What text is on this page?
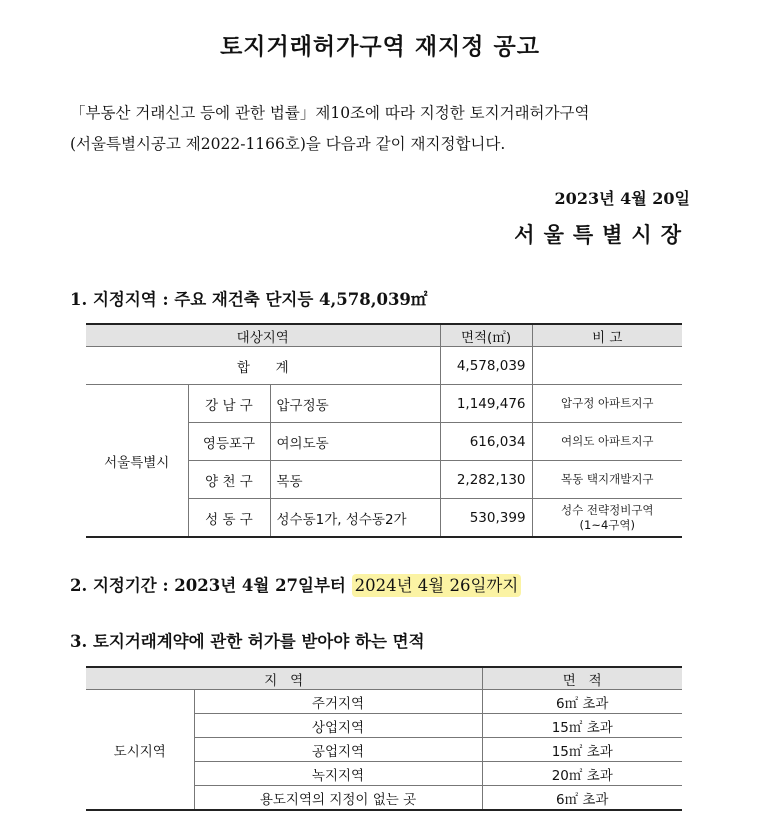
토지거래허가구역 재지정 공고
「부동산 거래신고 등에 관한 법률」제10조에 따라 지정한 토지거래허가구역
(서울특별시공고 제2022-1166호)을 다음과 같이 재지정합니다.
2023년 4월 20일
서울특별시장
1. 지정지역 : 주요 재건축 단지등 4,578,039㎡
대상지역			면적(㎡)	비 고
합      계			4,578,039	
서울특별시	강 남 구	압구정동	1,149,476	압구정 아파트지구
	영등포구	여의도동	616,034	여의도 아파트지구
	양 천 구	목동	2,282,130	목동 택지개발지구
	성 동 구	성수동1가, 성수동2가	530,399	성수 전략정비구역
(1~4구역)
2. 지정기간 : 2023년 4월 27일부터 2024년 4월 26일까지
3. 토지거래계약에 관한 허가를 받아야 하는 면적
지   역		면   적
도시지역	주거지역	6㎡ 초과
	상업지역	15㎡ 초과
	공업지역	15㎡ 초과
	녹지지역	20㎡ 초과
	용도지역의 지정이 없는 곳	6㎡ 초과
